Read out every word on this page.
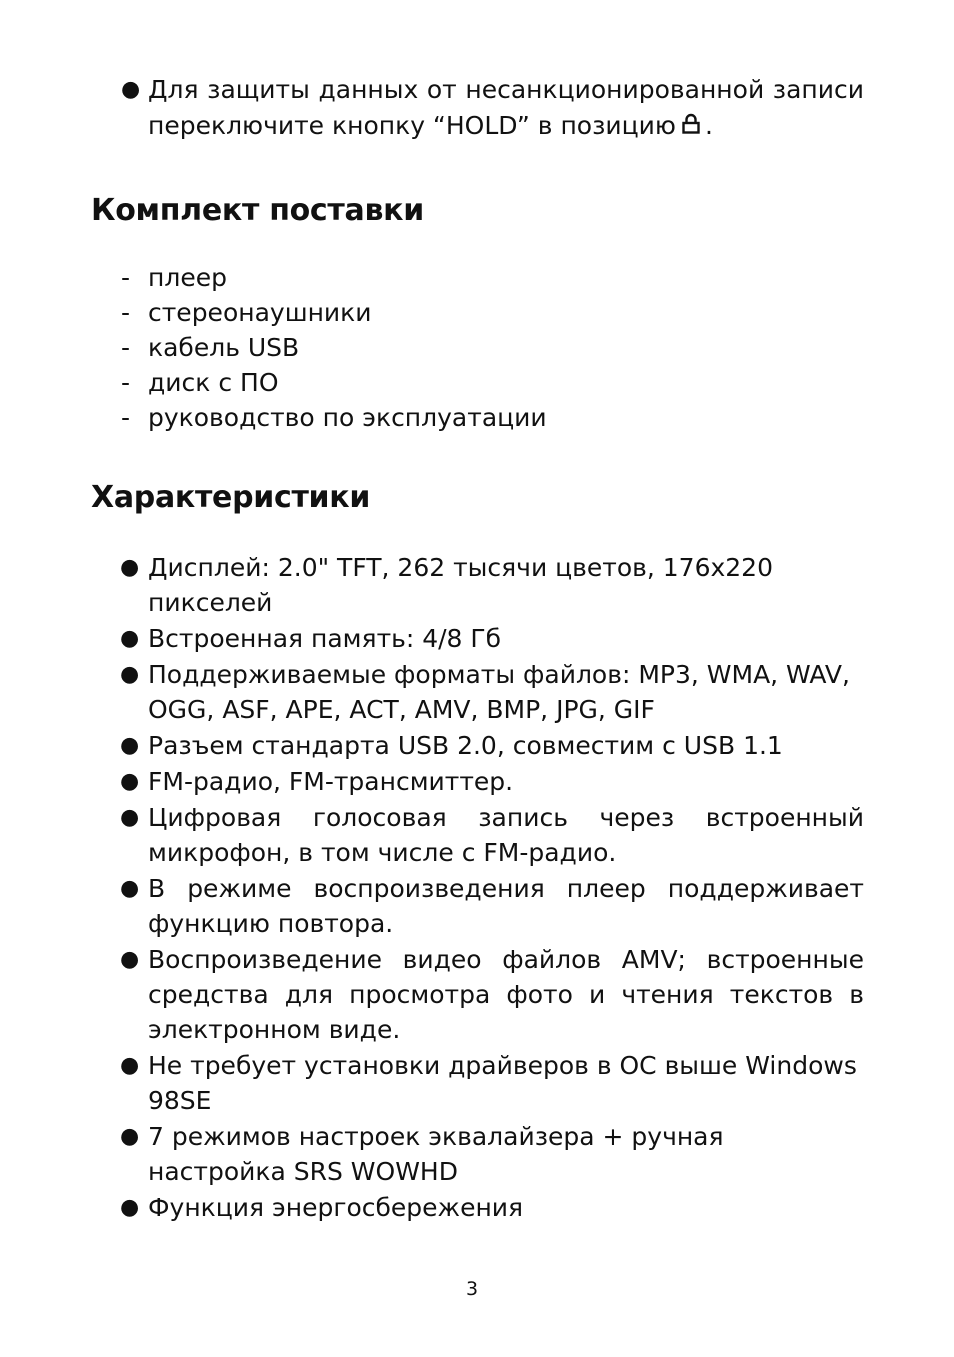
● Для защиты данных от несанкционированной записи переключите кнопку “HOLD” в позицию .
Комплект поставки
- плеер
- стереонаушники
- кабель USB
- диск с ПО
- руководство по эксплуатации
Характеристики
● Дисплей: 2.0" TFT, 262 тысячи цветов, 176x220 пикселей
● Встроенная память: 4/8 Гб
● Поддерживаемые форматы файлов: MP3, WMA, WAV, OGG, ASF, APE, ACT, AMV, BMP, JPG, GIF
● Разъем стандарта USB 2.0, совместим с USB 1.1
● FM-радио, FM-трансмиттер.
● Цифровая голосовая запись через встроенный микрофон, в том числе с FM-радио.
● В режиме воспроизведения плеер поддерживает функцию повтора.
● Воспроизведение видео файлов AMV; встроенные средства для просмотра фото и чтения текстов в электронном виде.
● Не требует установки драйверов в ОС выше Windows 98SE
● 7 режимов настроек эквалайзера + ручная настройка SRS WOWHD
● Функция энергосбережения
3
